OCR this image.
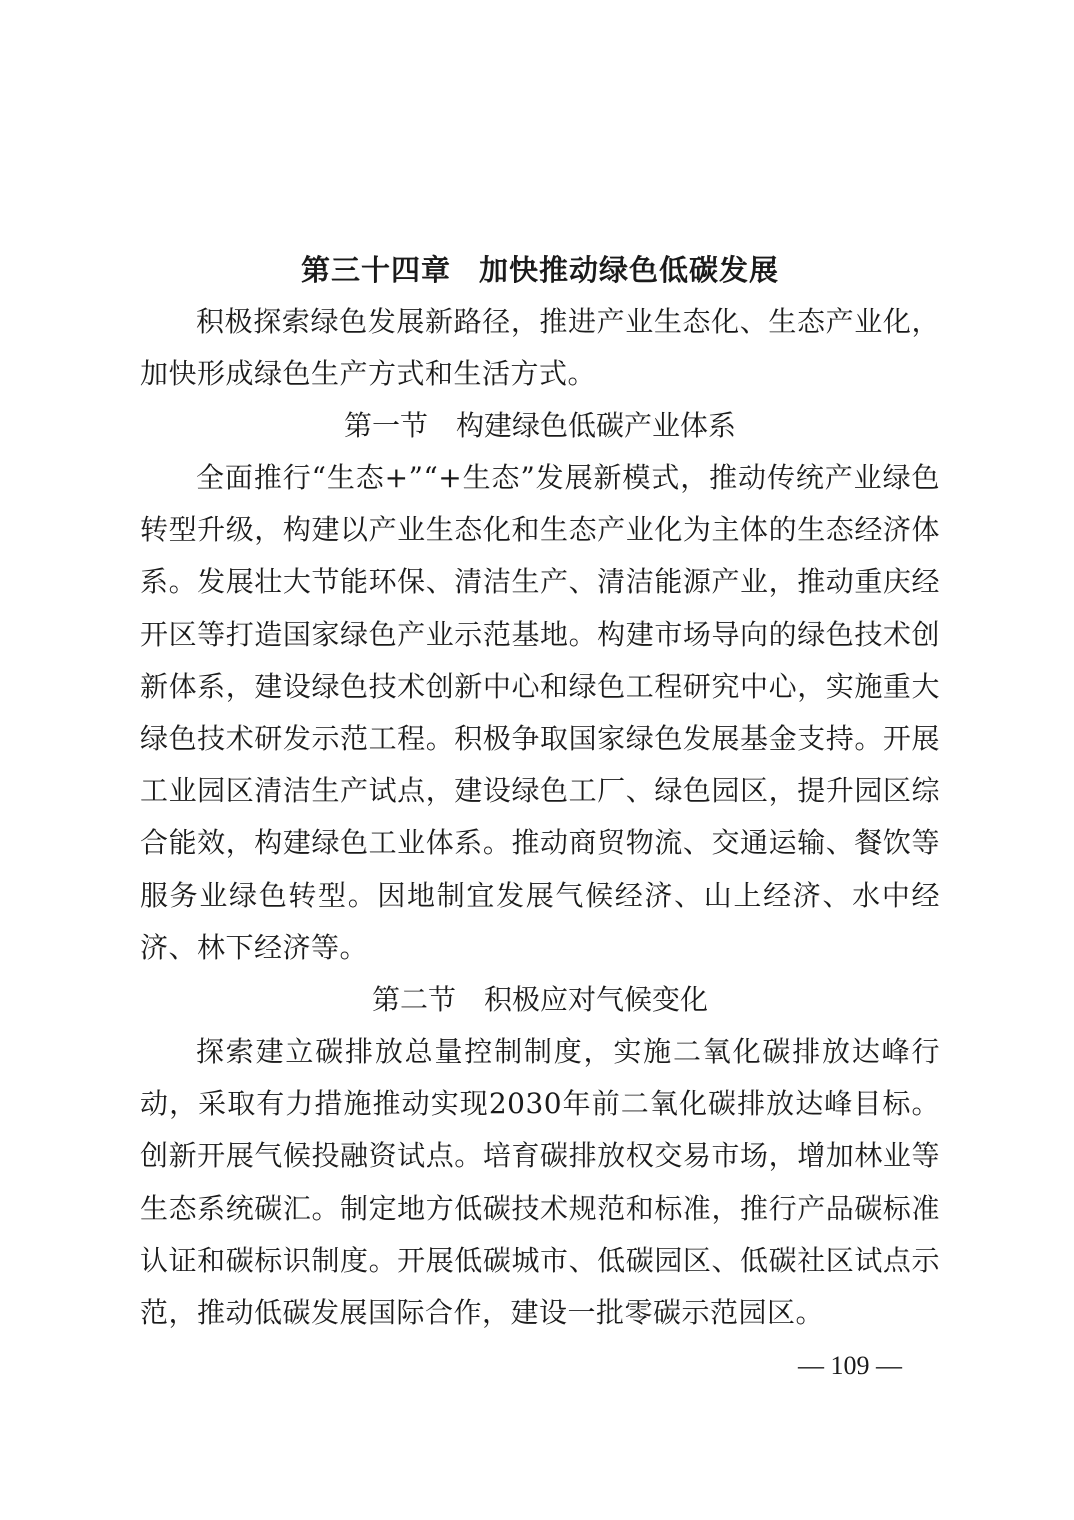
第三十四章 加快推动绿色低碳发展

积极探索绿色发展新路径，推进产业生态化、生态产业化，加快形成绿色生产方式和生活方式。

第一节 构建绿色低碳产业体系

全面推行“生态+”“+生态”发展新模式，推动传统产业绿色转型升级，构建以产业生态化和生态产业化为主体的生态经济体系。发展壮大节能环保、清洁生产、清洁能源产业，推动重庆经开区等打造国家绿色产业示范基地。构建市场导向的绿色技术创新体系，建设绿色技术创新中心和绿色工程研究中心，实施重大绿色技术研发示范工程。积极争取国家绿色发展基金支持。开展工业园区清洁生产试点，建设绿色工厂、绿色园区，提升园区综合能效，构建绿色工业体系。推动商贸物流、交通运输、餐饮等服务业绿色转型。因地制宜发展气候经济、山上经济、水中经济、林下经济等。

第二节 积极应对气候变化

探索建立碳排放总量控制制度，实施二氧化碳排放达峰行动，采取有力措施推动实现2030年前二氧化碳排放达峰目标。创新开展气候投融资试点。培育碳排放权交易市场，增加林业等生态系统碳汇。制定地方低碳技术规范和标准，推行产品碳标准认证和碳标识制度。开展低碳城市、低碳园区、低碳社区试点示范，推动低碳发展国际合作，建设一批零碳示范园区。

— 109 —
